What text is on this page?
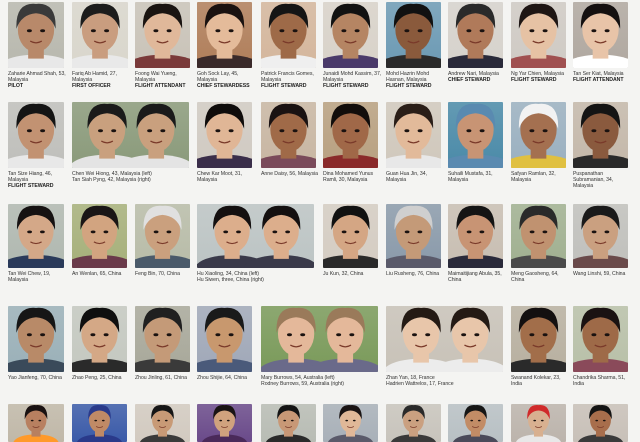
Zaharie Ahmad Shah, 53, Malaysia
PILOT
Fariq Ab Hamid, 27, Malaysia
FIRST OFFICER
Foong Wai Yueng, Malaysia
FLIGHT ATTENDANT
Goh Sock Lay, 45, Malaysia
CHIEF STEWARDESS
Patrick Francis Gomes, Malaysia
FLIGHT STEWARD
Junaidi Mohd Kassim, 37, Malaysia
FLIGHT STEWARD
Mohd Hazrin Mohd Hasnan, Malaysia
FLIGHT STEWARD
Andrew Nari, Malaysia
CHIEF STEWARD
Ng Yar Chien, Malaysia
FLIGHT STEWARD
Tan Ser Kiat, Malaysia
FLIGHT ATTENDANT
Tan Size Hiang, 46, Malaysia
FLIGHT STEWARD
Chen Wei Hiong, 43, Malaysia (left)
Tan Siah Pyng, 42, Malaysia (right)
Chew Kar Moot, 31, Malaysia
Anne Daisy, 56, Malaysia Dina Mohamed Yunus Ramli, 30, Malaysia
Guan Hua Jin, 34, Malaysia
Suhaili Mustafa, 31, Malaysia
Safyan Ramlan, 32, Malaysia
Puspanathan Subramanian, 34, Malaysia
Tan Wei Chew, 19, Malaysia
An Wenlan, 65, China	Feng Bin, 70, China	Hu Xiaoling, 34, China (left)
Hu Siwen, three, China (right)
Ju Kun, 32, China	Liu Rusheng, 76, China	Maimaitijiang Abula, 35, China
Meng Gaosheng, 64, China
Wang Linshi, 59, China
Yao Jianfeng, 70, China	Zhao Peng, 25, China	Zhou Jinling, 61, China	Zhou Shijie, 64, China	Mary Burrows, 54, Australia (left)
Rodney Burrows, 59, Australia (right)
Zhan Yan, 18, France
Hadrien Wattrelos, 17, France
Swanand Kolekar, 23, India
Chandrika Sharma, 51, India
